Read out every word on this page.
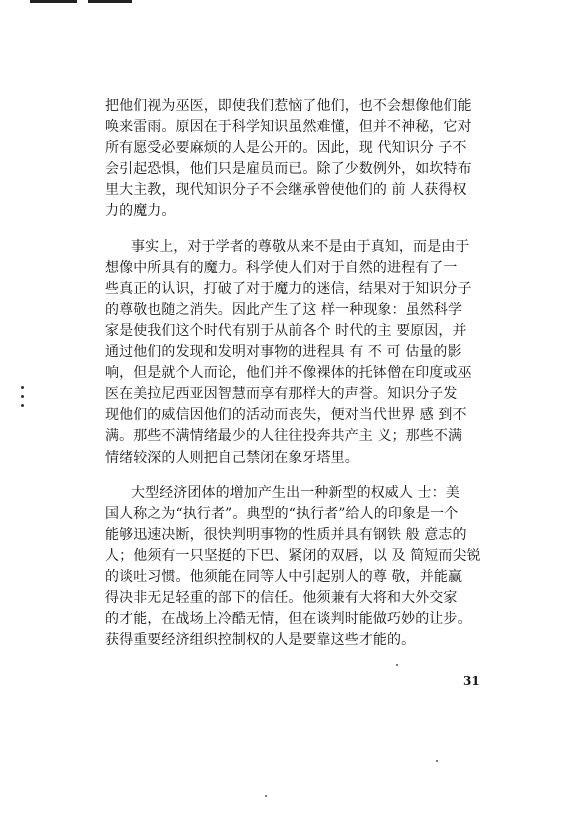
把他们视为巫医，即使我们惹恼了他们，也不会想像他们能
唤来雷雨。原因在于科学知识虽然难懂，但并不神秘，它对
所有愿受必要麻烦的人是公开的。因此，现 代知识分 子不
会引起恐惧，他们只是雇员而已。除了少数例外，如坎特布
里大主教，现代知识分子不会继承曾使他们的 前 人获得权
力的魔力。
事实上，对于学者的尊敬从来不是由于真知，而是由于
想像中所具有的魔力。科学使人们对于自然的进程有了一
些真正的认识，打破了对于魔力的迷信，结果对于知识分子
的尊敬也随之消失。因此产生了这 样一种现象：虽然科学
家是使我们这个时代有别于从前各个 时代的主 要原因，并
通过他们的发现和发明对事物的进程具 有 不 可 估量的影
响，但是就个人而论，他们并不像裸体的托钵僧在印度或巫
医在美拉尼西亚因智慧而享有那样大的声誉。知识分子发
现他们的威信因他们的活动而丧失，便对当代世界 感 到不
满。那些不满情绪最少的人往往投奔共产主 义；那些不满
情绪较深的人则把自己禁闭在象牙塔里。
大型经济团体的增加产生出一种新型的权威人 士：美
国人称之为“执行者”。典型的“执行者”给人的印象是一个
能够迅速决断，很快判明事物的性质并具有钢铁 般 意志的
人；他须有一只坚挺的下巴、紧闭的双唇，以 及 简短而尖锐
的谈吐习惯。他须能在同等人中引起别人的尊 敬，并能赢
得决非无足轻重的部下的信任。他须兼有大将和大外交家
的才能，在战场上冷酷无情，但在谈判时能做巧妙的让步。
获得重要经济组织控制权的人是要靠这些才能的。
31
